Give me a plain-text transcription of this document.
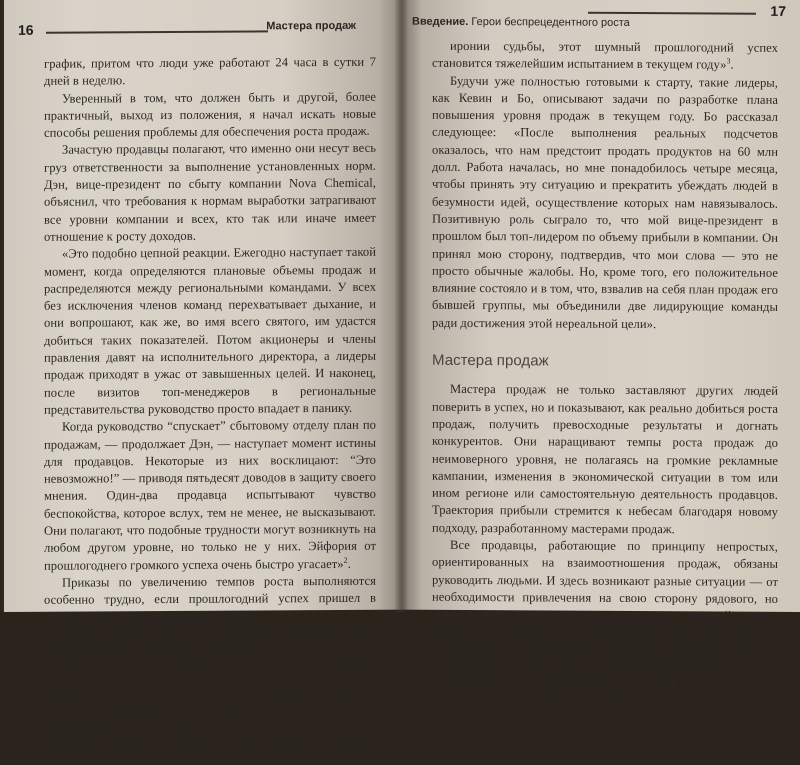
16	Мастера продаж

график, притом что люди уже работают 24 часа в сутки 7 дней в неделю.

Уверенный в том, что должен быть и другой, более практичный, выход из положения, я начал искать новые способы решения проблемы для обеспечения роста продаж.

Зачастую продавцы полагают, что именно они несут весь груз ответственности за выполнение установленных норм. Дэн, вице-президент по сбыту компании Nova Chemical, объяснил, что требования к нормам выработки затрагивают все уровни компании и всех, кто так или иначе имеет отношение к росту доходов.

«Это подобно цепной реакции. Ежегодно наступает такой момент, когда определяются плановые объемы продаж и распределяются между региональными командами. У всех без исключения членов команд перехватывает дыхание, и они вопрошают, как же, во имя всего святого, им удастся добиться таких показателей. Потом акционеры и члены правления давят на исполнительного директора, а лидеры продаж приходят в ужас от завышенных целей. И наконец, после визитов топ-менеджеров в региональные представительства руководство просто впадает в панику.

Когда руководство “спускает” сбытовому отделу план по продажам, — продолжает Дэн, — наступает момент истины для продавцов. Некоторые из них восклицают: “Это невозможно!” — приводя пятьдесят доводов в защиту своего мнения. Один-два продавца испытывают чувство беспокойства, которое вслух, тем не менее, не высказывают. Они полагают, что подобные трудности могут возникнуть на любом другом уровне, но только не у них. Эйфория от прошлогоднего громкого успеха очень быстро угасает»$^2$.

Приказы по увеличению темпов роста выполняются особенно трудно, если прошлогодний успех пришел в результате крупных единичных сделок.

Кевин, вице-президент по продажам, объяснил, каким образом может увеличиваться давление.

«Все шло, как положено, и вот два продавца одновременно начинают вести пару крупных единичных сделок, сопряженных с большим объемом работ и серьезными затратами времени, но в случае отказа от них подобная возможность вряд ли представится в будущем. Поэтому компания ожидает их реализации. По

Введение. Герои беспрецедентного роста
17

иронии судьбы, этот шумный прошлогодний успех становится тяжелейшим испытанием в текущем году»$^3$.

Будучи уже полностью готовыми к старту, такие лидеры, как Кевин и Бо, описывают задачи по разработке плана повышения уровня продаж в текущем году. Бо рассказал следующее: «После выполнения реальных подсчетов оказалось, что нам предстоит продать продуктов на 60 млн долл. Работа началась, но мне понадобилось четыре месяца, чтобы принять эту ситуацию и прекратить убеждать людей в безумности идей, осуществление которых нам навязывалось. Позитивную роль сыграло то, что мой вице-президент в прошлом был топ-лидером по объему прибыли в компании. Он принял мою сторону, подтвердив, что мои слова — это не просто обычные жалобы. Но, кроме того, его положительное влияние состояло и в том, что, взвалив на себя план продаж его бывшей группы, мы объединили две лидирующие команды ради достижения этой нереальной цели».

Мастера продаж

Мастера продаж не только заставляют других людей поверить в успех, но и показывают, как реально добиться роста продаж, получить превосходные результаты и догнать конкурентов. Они наращивают темпы роста продаж до неимоверного уровня, не полагаясь на громкие рекламные кампании, изменения в экономической ситуации в том или ином регионе или самостоятельную деятельность продавцов. Траектория прибыли стремится к небесам благодаря новому подходу, разработанному мастерами продаж.

Все продавцы, работающие по принципу непростых, ориентированных на взаимоотношения продаж, обязаны руководить людьми. И здесь возникают разные ситуации — от необходимости привлечения на свою сторону рядового, но авторитетного сотрудника до завоевания симпатий членов комиссии по проекту; от мобилизации виртуальной группы поддержки до привлечения экспертов, которые даже не отчитываются перед нами, до попытки вдохновить 100 тысяч непосредственно подчиненных продавцов на достижение беспрецедентных темпов роста. Практически
